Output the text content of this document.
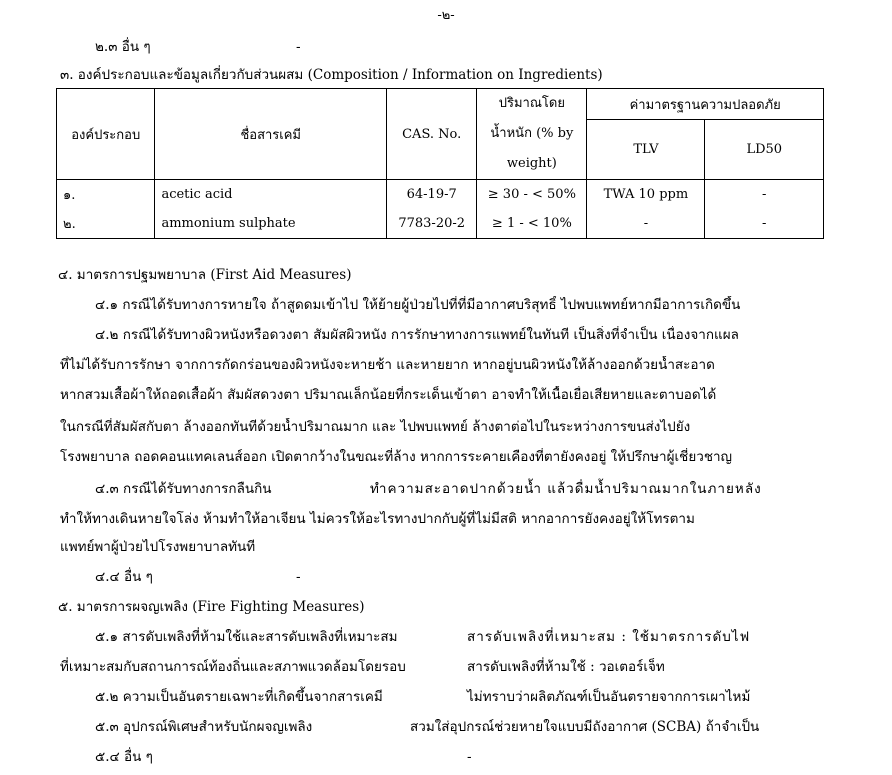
-๒-
๒.๓ อื่น ๆ	-
๓. องค์ประกอบและข้อมูลเกี่ยวกับส่วนผสม (Composition / Information on Ingredients)
องค์ประกอบ	ชื่อสารเคมี	CAS. No.	ปริมาณโดย
น้ำหนัก (% by
weight)	ค่ามาตรฐานความปลอดภัย	
				TLV	LD50

๑.	acetic acid	64-19-7	≥ 30 - < 50%	TWA 10 ppm	-
๒.	ammonium sulphate	7783-20-2	≥ 1 - < 10%	-	-
๔. มาตรการปฐมพยาบาล (First Aid Measures)
๔.๑ กรณีได้รับทางการหายใจ ถ้าสูดดมเข้าไป ให้ย้ายผู้ป่วยไปที่ที่มีอากาศบริสุทธิ์ ไปพบแพทย์หากมีอาการเกิดขึ้น
๔.๒ กรณีได้รับทางผิวหนังหรือดวงตา สัมผัสผิวหนัง การรักษาทางการแพทย์ในทันที เป็นสิ่งที่จำเป็น เนื่องจากแผล
ที่ไม่ได้รับการรักษา จากการกัดกร่อนของผิวหนังจะหายช้า และหายยาก หากอยู่บนผิวหนังให้ล้างออกด้วยน้ำสะอาด
หากสวมเสื้อผ้าให้ถอดเสื้อผ้า สัมผัสดวงตา ปริมาณเล็กน้อยที่กระเด็นเข้าตา อาจทำให้เนื้อเยื่อเสียหายและตาบอดได้
ในกรณีที่สัมผัสกับตา ล้างออกทันทีด้วยน้ำปริมาณมาก และ ไปพบแพทย์ ล้างตาต่อไปในระหว่างการขนส่งไปยัง
โรงพยาบาล ถอดคอนแทคเลนส์ออก เปิดตากว้างในขณะที่ล้าง หากการระคายเคืองที่ตายังคงอยู่ ให้ปรึกษาผู้เชี่ยวชาญ
๔.๓ กรณีได้รับทางการกลืนกิน	ทำความสะอาดปากด้วยน้ำ แล้วดื่มน้ำปริมาณมากในภายหลัง
ทำให้ทางเดินหายใจโล่ง ห้ามทำให้อาเจียน ไม่ควรให้อะไรทางปากกับผู้ที่ไม่มีสติ หากอาการยังคงอยู่ให้โทรตาม
แพทย์พาผู้ป่วยไปโรงพยาบาลทันที
๔.๔ อื่น ๆ	-
๕. มาตรการผจญเพลิง (Fire Fighting Measures)
๕.๑ สารดับเพลิงที่ห้ามใช้และสารดับเพลิงที่เหมาะสม	สารดับเพลิงที่เหมาะสม : ใช้มาตรการดับไฟ
ที่เหมาะสมกับสถานการณ์ท้องถิ่นและสภาพแวดล้อมโดยรอบ	สารดับเพลิงที่ห้ามใช้ : วอเตอร์เจ็ท
๕.๒ ความเป็นอันตรายเฉพาะที่เกิดขึ้นจากสารเคมี	ไม่ทราบว่าผลิตภัณฑ์เป็นอันตรายจากการเผาไหม้
๕.๓ อุปกรณ์พิเศษสำหรับนักผจญเพลิง	สวมใส่อุปกรณ์ช่วยหายใจแบบมีถังอากาศ (SCBA) ถ้าจำเป็น
๕.๔ อื่น ๆ	-
